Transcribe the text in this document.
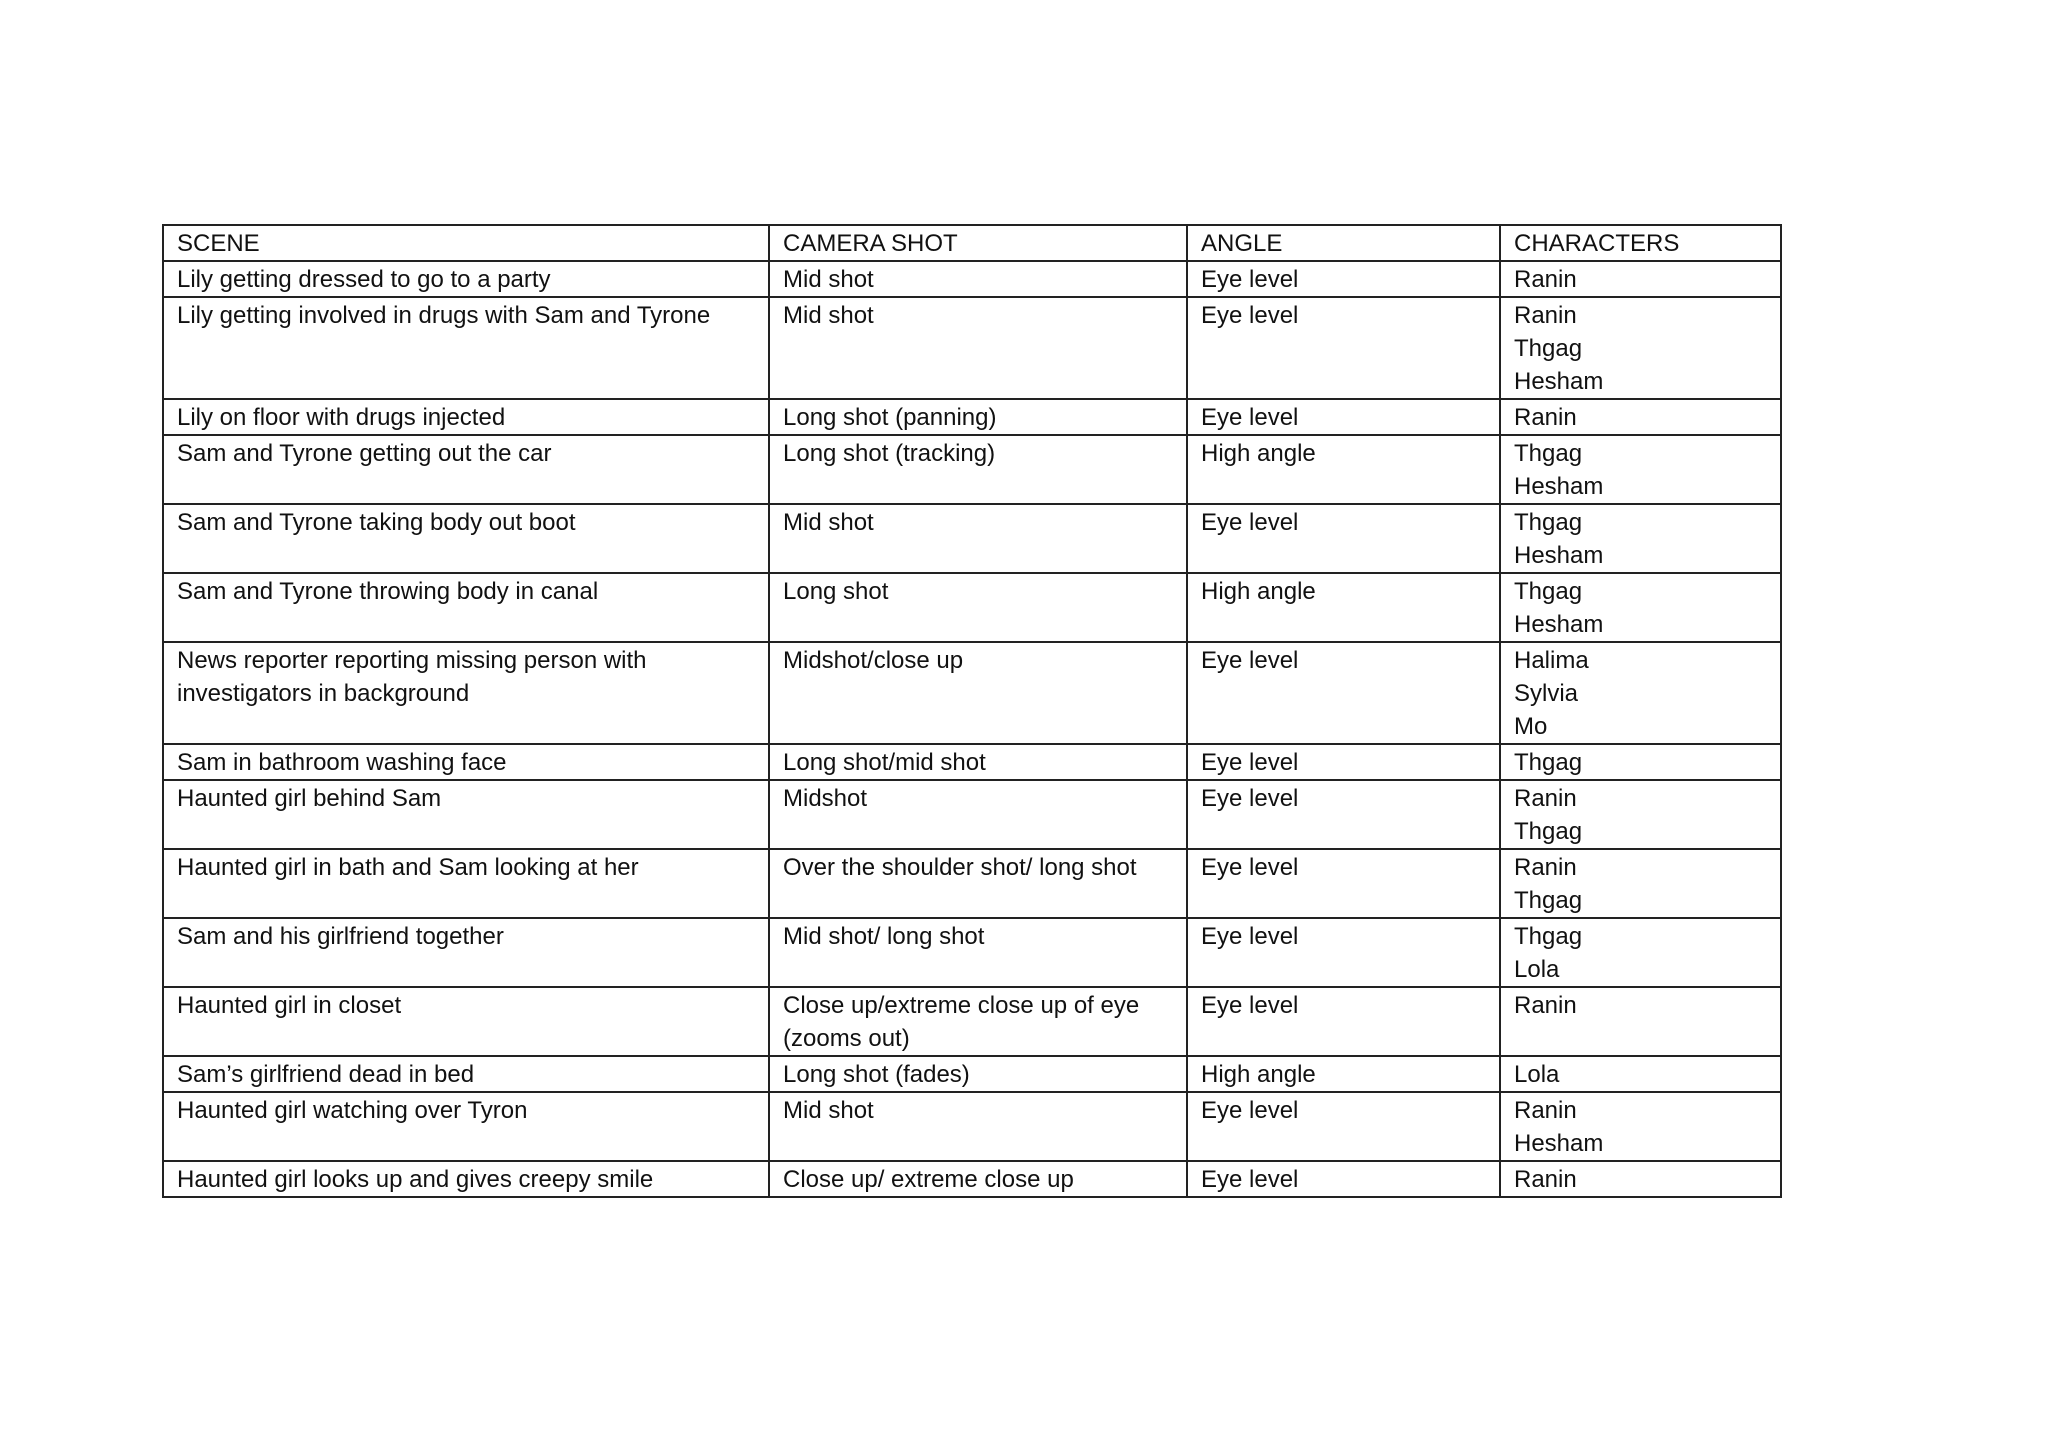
SCENE	CAMERA SHOT	ANGLE	CHARACTERS
Lily getting dressed to go to a party	Mid shot	Eye level	Ranin

Lily getting involved in drugs with Sam and Tyrone	Mid shot	Eye level	Ranin
Thgag
Hesham

Lily on floor with drugs injected	Long shot (panning)	Eye level	Ranin

Sam and Tyrone getting out the car	Long shot (tracking)	High angle	Thgag
Hesham

Sam and Tyrone taking body out boot	Mid shot	Eye level	Thgag
Hesham

Sam and Tyrone throwing body in canal	Long shot	High angle	Thgag
Hesham

News reporter reporting missing person with investigators in background	Midshot/close up	Eye level	Halima
Sylvia
Mo

Sam in bathroom washing face	Long shot/mid shot	Eye level	Thgag

Haunted girl behind Sam	Midshot	Eye level	Ranin
Thgag

Haunted girl in bath and Sam looking at her	Over the shoulder shot/ long shot	Eye level	Ranin
Thgag

Sam and his girlfriend together	Mid shot/ long shot	Eye level	Thgag
Lola

Haunted girl in closet	Close up/extreme close up of eye (zooms out)	Eye level	Ranin

Sam’s girlfriend dead in bed	Long shot (fades)	High angle	Lola

Haunted girl watching over Tyron	Mid shot	Eye level	Ranin
Hesham

Haunted girl looks up and gives creepy smile	Close up/ extreme close up	Eye level	Ranin
